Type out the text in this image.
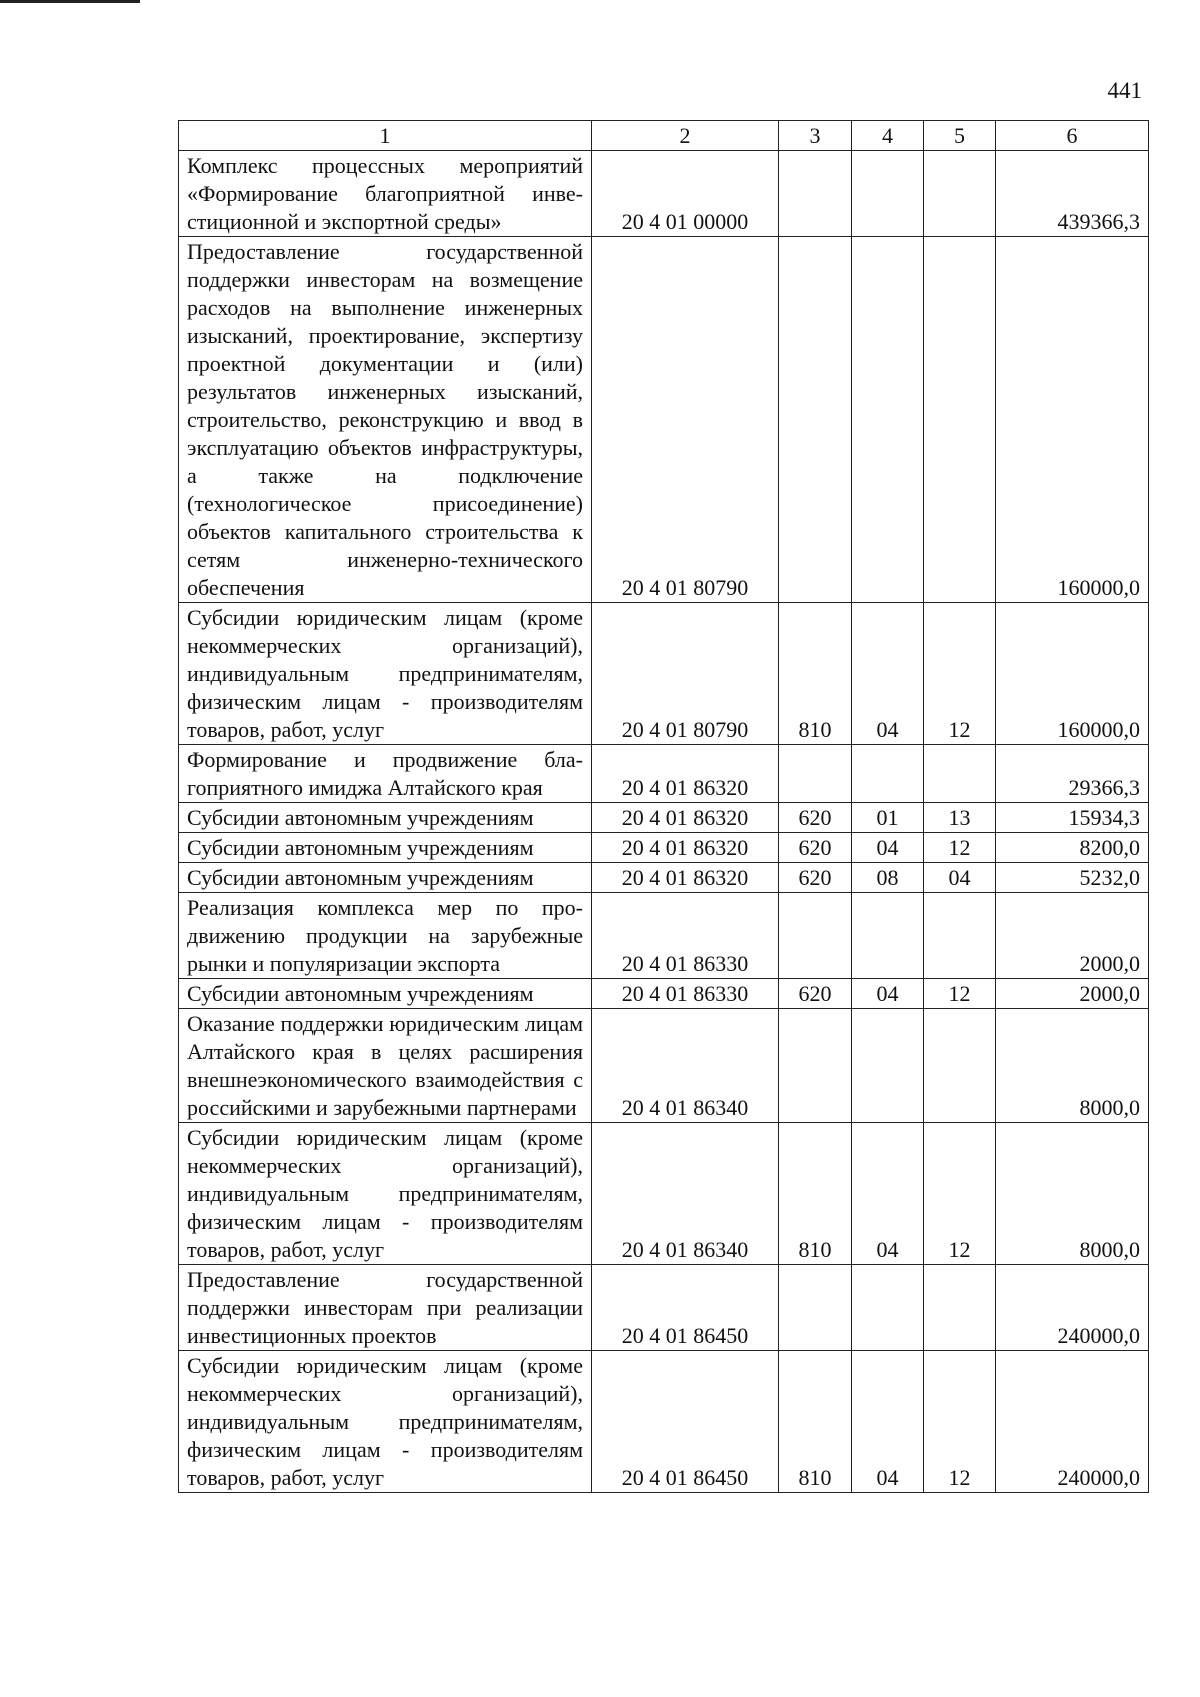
441
1	2	3	4	5	6
Комплекс процессных мероприятий «Формирование благоприятной инвестиционной и экспортной среды»	20 4 01 00000				439366,3
Предоставление государственной поддержки инвесторам на возмещение расходов на выполнение инженерных изысканий, проектирование, экспертизу проектной документации и (или) результатов инженерных изысканий, строительство, реконструкцию и ввод в эксплуатацию объектов инфраструктуры, а также на подключение (технологическое присоединение) объектов капитального строительства к сетям инженерно-технического обеспечения	20 4 01 80790				160000,0
Субсидии юридическим лицам (кроме некоммерческих организаций), индивидуальным предпринимателям, физическим лицам - производителям товаров, работ, услуг	20 4 01 80790	810	04	12	160000,0
Формирование и продвижение благоприятного имиджа Алтайского края	20 4 01 86320				29366,3
Субсидии автономным учреждениям	20 4 01 86320	620	01	13	15934,3
Субсидии автономным учреждениям	20 4 01 86320	620	04	12	8200,0
Субсидии автономным учреждениям	20 4 01 86320	620	08	04	5232,0
Реализация комплекса мер по продвижению продукции на зарубежные рынки и популяризации экспорта	20 4 01 86330				2000,0
Субсидии автономным учреждениям	20 4 01 86330	620	04	12	2000,0
Оказание поддержки юридическим лицам Алтайского края в целях расширения внешнеэкономического взаимодействия с российскими и зарубежными партнерами	20 4 01 86340				8000,0
Субсидии юридическим лицам (кроме некоммерческих организаций), индивидуальным предпринимателям, физическим лицам - производителям товаров, работ, услуг	20 4 01 86340	810	04	12	8000,0
Предоставление государственной поддержки инвесторам при реализации инвестиционных проектов	20 4 01 86450				240000,0
Субсидии юридическим лицам (кроме некоммерческих организаций), индивидуальным предпринимателям, физическим лицам - производителям товаров, работ, услуг	20 4 01 86450	810	04	12	240000,0
